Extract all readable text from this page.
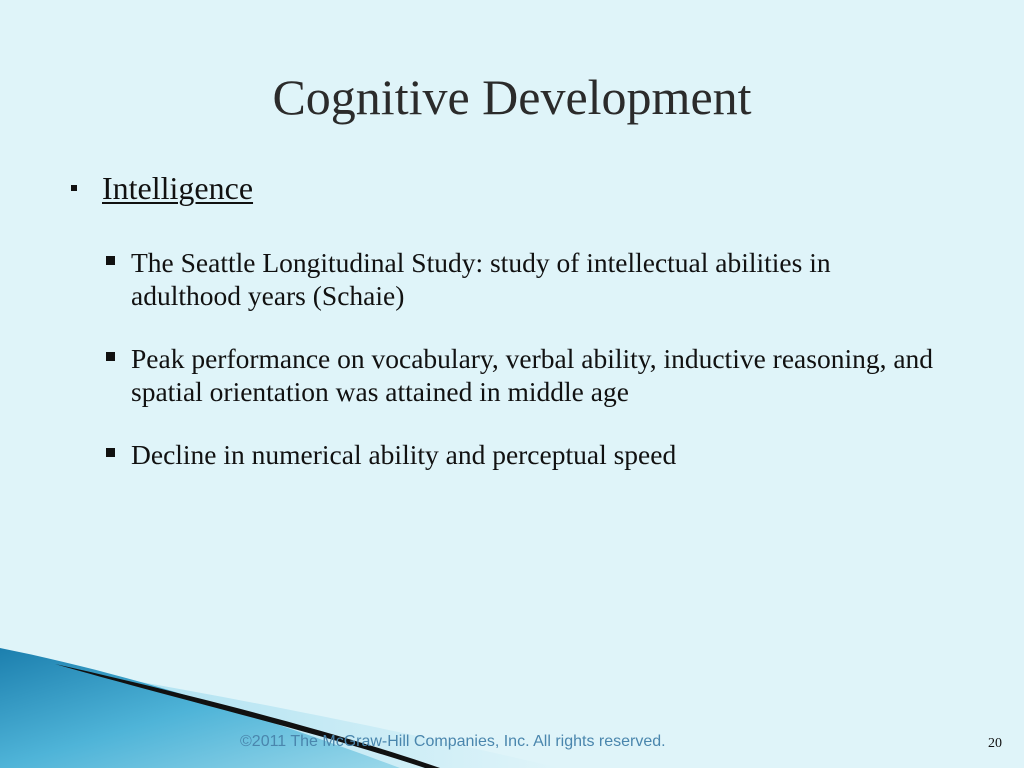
Cognitive Development
Intelligence
The Seattle Longitudinal Study: study of intellectual abilities in adulthood years (Schaie)
Peak performance on vocabulary, verbal ability, inductive reasoning, and spatial orientation was attained in middle age
Decline in numerical ability and perceptual speed
©2011 The McGraw-Hill Companies, Inc. All rights reserved.	20
